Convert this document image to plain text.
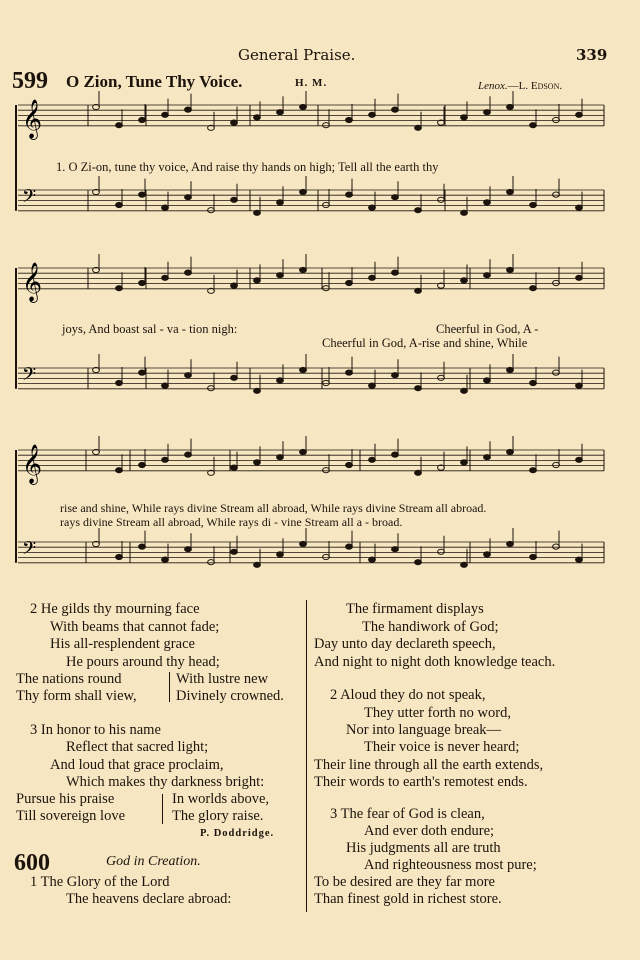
General Praise.	339
599 O Zion, Tune Thy Voice.	H. M.	Lenox.—L. Edson.
𝄞
𝄢
𝄞
𝄢
𝄞
𝄢
1. O Zi-on, tune thy voice, And raise thy hands on high; Tell all the earth thy
joys, And boast sal - va - tion nigh:	Cheerful in God, A -
Cheerful in God, A-rise and shine, While
rise and shine, While rays divine Stream all abroad, While rays divine Stream all abroad.
rays divine Stream all abroad, While rays di - vine Stream all a - broad.
2 He gilds thy mourning face
With beams that cannot fade;
His all-resplendent grace
He pours around thy head;
The nations round
Thy form shall view,
With lustre new
Divinely crowned.
3 In honor to his name
Reflect that sacred light;
And loud that grace proclaim,
Which makes thy darkness bright:
Pursue his praise
Till sovereign love
In worlds above,
The glory raise.
P. Doddridge.
600	God in Creation.
1 The Glory of the Lord
The heavens declare abroad:
The firmament displays
The handiwork of God;
Day unto day declareth speech,
And night to night doth knowledge teach.
2 Aloud they do not speak,
They utter forth no word,
Nor into language break—
Their voice is never heard;
Their line through all the earth extends,
Their words to earth's remotest ends.
3 The fear of God is clean,
And ever doth endure;
His judgments all are truth
And righteousness most pure;
To be desired are they far more
Than finest gold in richest store.
